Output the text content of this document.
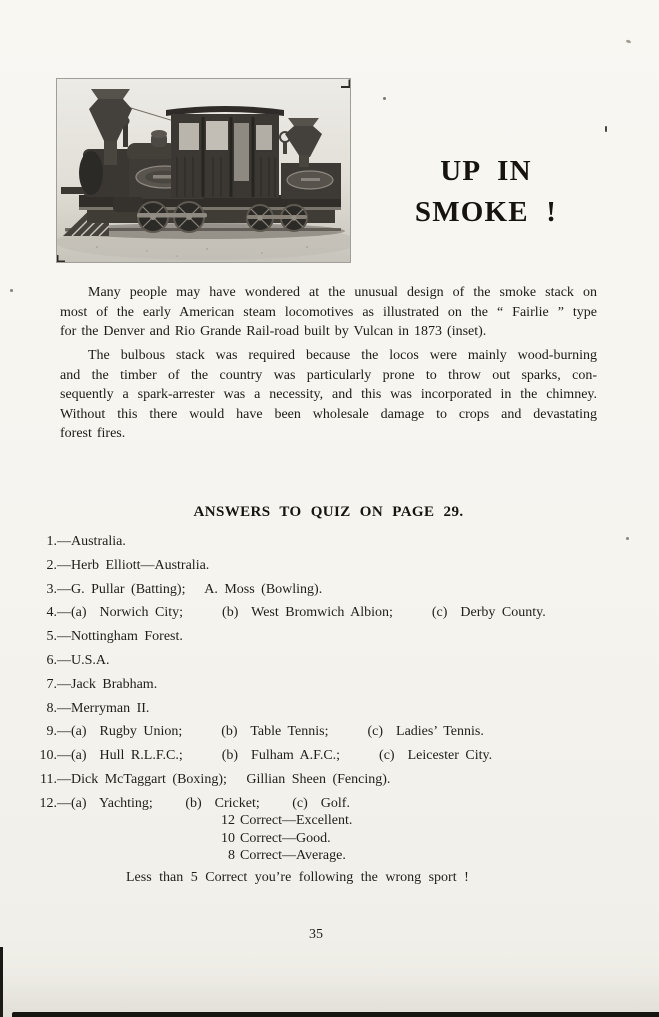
UP IN
SMOKE !
Many people may have wondered at the unusual design of the smoke stack on
most of the early American steam locomotives as illustrated on the “ Fairlie ” type
for the Denver and Rio Grande Rail-road built by Vulcan in 1873 (inset).
The bulbous stack was required because the locos were mainly wood-burning
and the timber of the country was particularly prone to throw out sparks, con-
sequently a spark-arrester was a necessity, and this was incorporated in the chimney.
Without this there would have been wholesale damage to crops and devastating
forest fires.
ANSWERS TO QUIZ ON PAGE 29.
1.—Australia.
2.—Herb Elliott—Australia.
3.—G. Pullar (Batting);   A. Moss (Bowling).
4.—(a)  Norwich City;      (b)  West Bromwich Albion;      (c)  Derby County.
5.—Nottingham Forest.
6.—U.S.A.
7.—Jack Brabham.
8.—Merryman II.
9.—(a)  Rugby Union;      (b)  Table Tennis;      (c)  Ladies’ Tennis.
10.—(a)  Hull R.L.F.C.;      (b)  Fulham A.F.C.;      (c)  Leicester City.
11.—Dick McTaggart (Boxing);   Gillian Sheen (Fencing).
12.—(a)  Yachting;     (b)  Cricket;     (c)  Golf.
12 Correct—Excellent.
10 Correct—Good.
8 Correct—Average.
Less than 5 Correct you’re following the wrong sport !
35
